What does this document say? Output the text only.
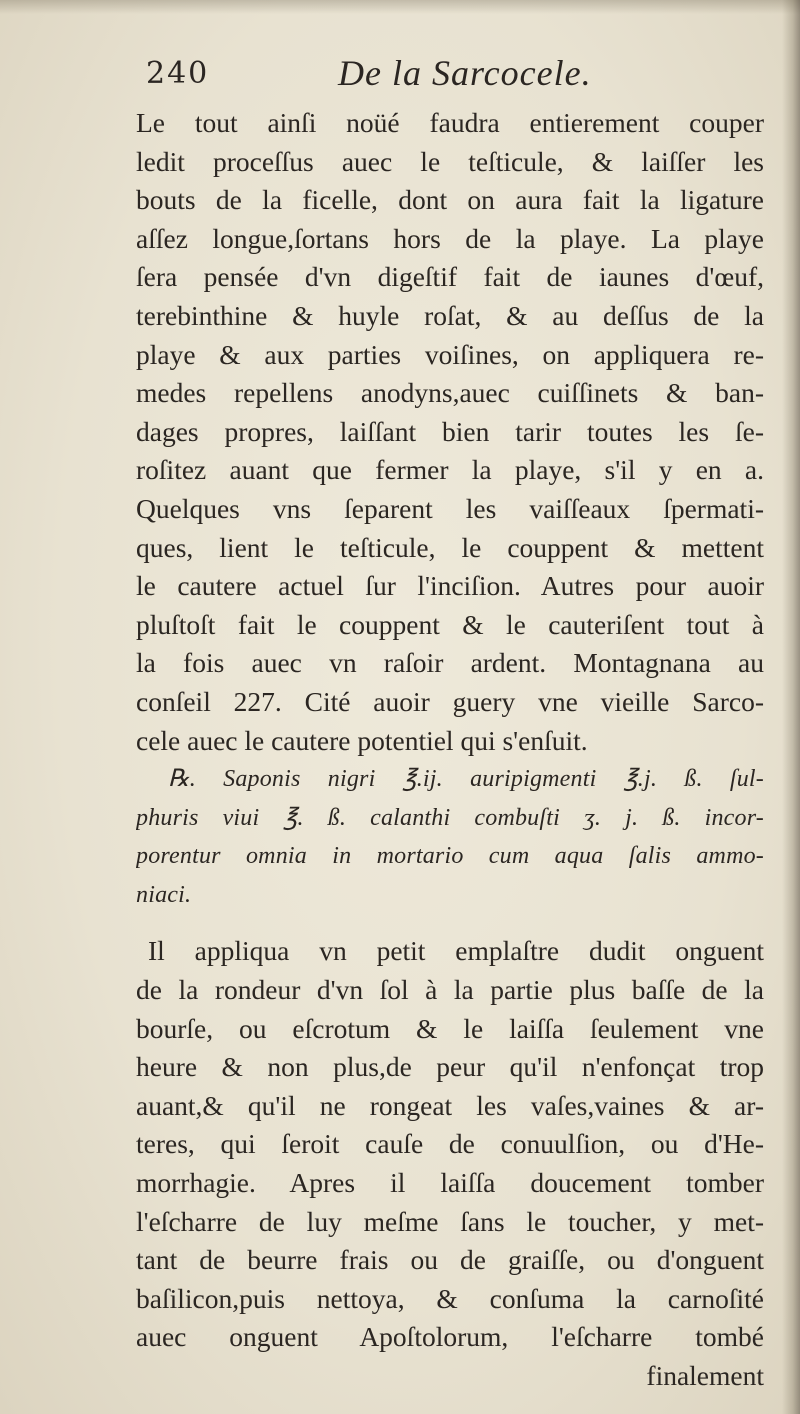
240	De la Sarcocele.
Le tout ainſi noüé faudra entierement couper
ledit proceſſus auec le teſticule, & laiſſer les
bouts de la ficelle, dont on aura fait la ligature
aſſez longue,ſortans hors de la playe. La playe
ſera pensée d'vn digeſtif fait de iaunes d'œuf,
terebinthine & huyle roſat, & au deſſus de la
playe & aux parties voiſines, on appliquera re-
medes repellens anodyns,auec cuiſſinets & ban-
dages propres, laiſſant bien tarir toutes les ſe-
roſitez auant que fermer la playe, s'il y en a.
Quelques vns ſeparent les vaiſſeaux ſpermati-
ques, lient le teſticule, le couppent & mettent
le cautere actuel ſur l'inciſion. Autres pour auoir
pluſtoſt fait le couppent & le cauteriſent tout à
la fois auec vn raſoir ardent. Montagnana au
conſeil 227. Cité auoir guery vne vieille Sarco-
cele auec le cautere potentiel qui s'enſuit.
℞. Saponis nigri ℥.ij. auripigmenti ℥.j. ß. ſul-
phuris viui ℥. ß. calanthi combuſti ʒ. j. ß. incor-
porentur omnia in mortario cum aqua ſalis ammo-
niaci.
Il appliqua vn petit emplaſtre dudit onguent
de la rondeur d'vn ſol à la partie plus baſſe de la
bourſe, ou eſcrotum & le laiſſa ſeulement vne
heure & non plus,de peur qu'il n'enfonçat trop
auant,& qu'il ne rongeat les vaſes,vaines & ar-
teres, qui ſeroit cauſe de conuulſion, ou d'He-
morrhagie. Apres il laiſſa doucement tomber
l'eſcharre de luy meſme ſans le toucher, y met-
tant de beurre frais ou de graiſſe, ou d'onguent
baſilicon,puis nettoya, & conſuma la carnoſité
auec onguent Apoſtolorum, l'eſcharre tombé
finalement
